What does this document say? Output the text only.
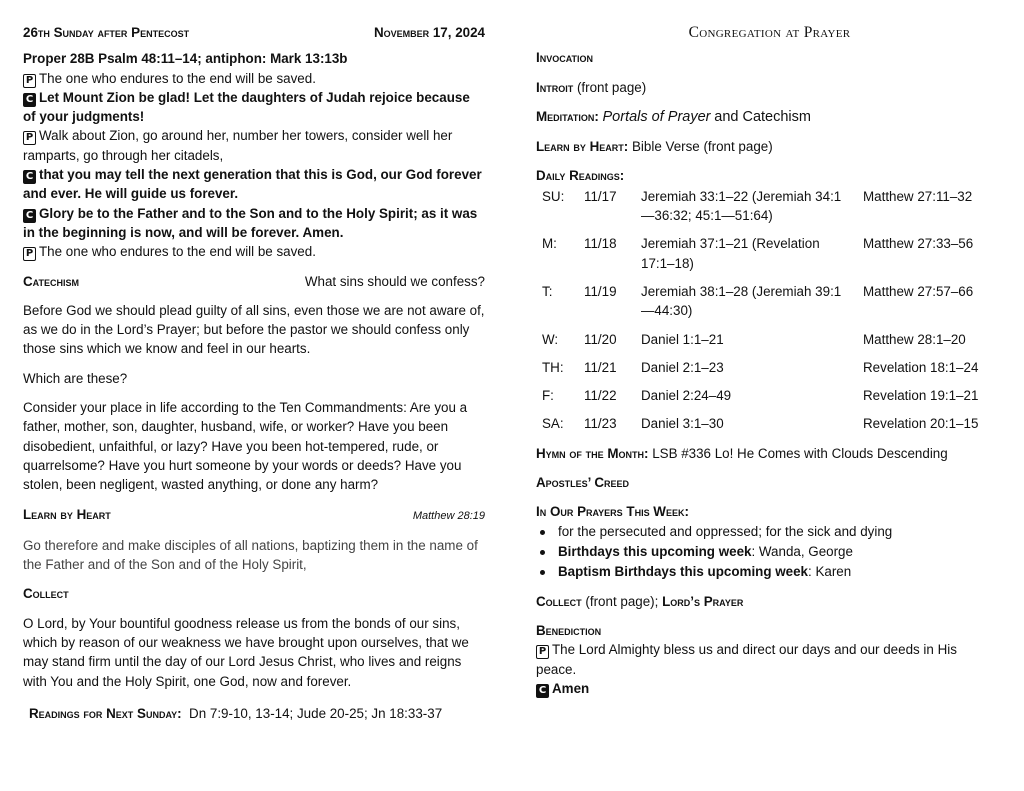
26th Sunday after Pentecost	November 17, 2024
Proper 28B Psalm 48:11–14; antiphon: Mark 13:13b
P The one who endures to the end will be saved.
C Let Mount Zion be glad! Let the daughters of Judah rejoice because of your judgments!
P Walk about Zion, go around her, number her towers, consider well her ramparts, go through her citadels,
C that you may tell the next generation that this is God, our God forever and ever. He will guide us forever.
C Glory be to the Father and to the Son and to the Holy Spirit; as it was in the beginning is now, and will be forever. Amen.
P The one who endures to the end will be saved.
Catechism	What sins should we confess?

Before God we should plead guilty of all sins, even those we are not aware of, as we do in the Lord’s Prayer; but before the pastor we should confess only those sins which we know and feel in our hearts.

Which are these?

Consider your place in life according to the Ten Commandments: Are you a father, mother, son, daughter, husband, wife, or worker? Have you been disobedient, unfaithful, or lazy? Have you been hot-tempered, rude, or quarrelsome? Have you hurt someone by your words or deeds? Have you stolen, been negligent, wasted anything, or done any harm?

Learn by Heart	Matthew 28:19

Go therefore and make disciples of all nations, baptizing them in the name of the Father and of the Son and of the Holy Spirit,

Collect

O Lord, by Your bountiful goodness release us from the bonds of our sins, which by reason of our weakness we have brought upon ourselves, that we may stand firm until the day of our Lord Jesus Christ, who lives and reigns with You and the Holy Spirit, one God, now and forever.

Readings for Next Sunday: Dn 7:9-10, 13-14; Jude 20-25; Jn 18:33-37
Congregation at Prayer
Invocation
Introit (front page)
Meditation: Portals of Prayer and Catechism
Learn by Heart: Bible Verse (front page)
Daily Readings:
SU:	11/17	Jeremiah 33:1–22 (Jeremiah 34:1—36:32; 45:1—51:64)	Matthew 27:11–32

M:	11/18	Jeremiah 37:1–21 (Revelation 17:1–18)	Matthew 27:33–56

T:	11/19	Jeremiah 38:1–28 (Jeremiah 39:1—44:30)	Matthew 27:57–66

W:	11/20	Daniel 1:1–21	Matthew 28:1–20

TH:	11/21	Daniel 2:1–23	Revelation 18:1–24

F:	11/22	Daniel 2:24–49	Revelation 19:1–21

SA:	11/23	Daniel 3:1–30	Revelation 20:1–15
Hymn of the Month: LSB #336 Lo! He Comes with Clouds Descending
Apostles’ Creed
In Our Prayers This Week:
for the persecuted and oppressed; for the sick and dying
Birthdays this upcoming week: Wanda, George
Baptism Birthdays this upcoming week: Karen
Collect (front page); Lord’s Prayer
Benediction
P The Lord Almighty bless us and direct our days and our deeds in His peace.
C Amen
